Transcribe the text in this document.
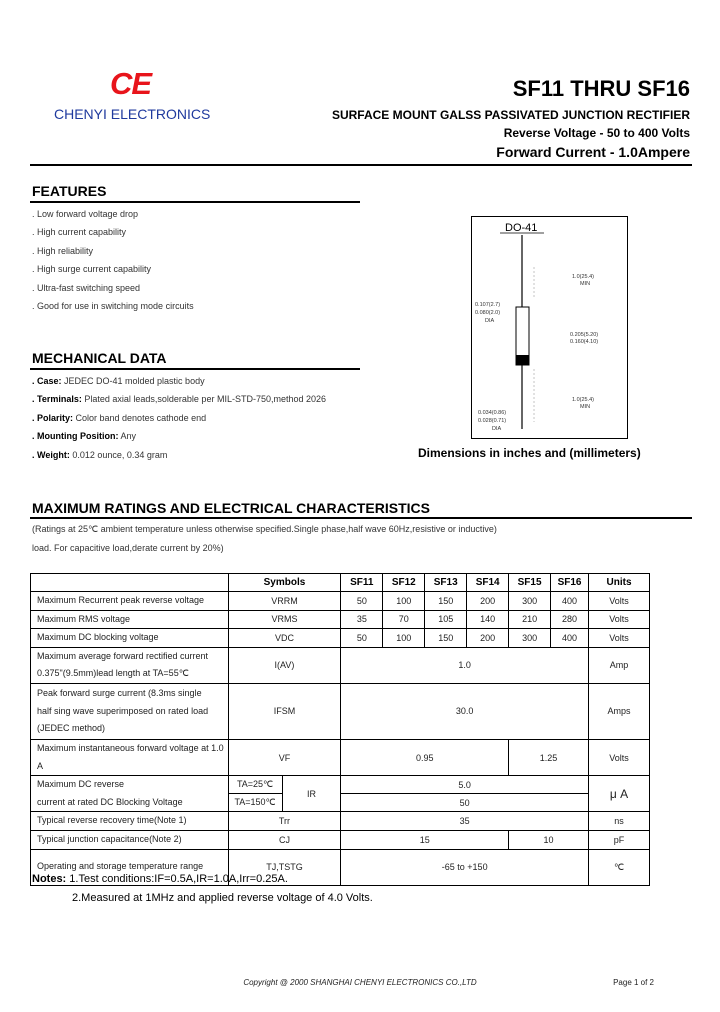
CE
CHENYI ELECTRONICS
SF11 THRU SF16
SURFACE MOUNT GALSS PASSIVATED JUNCTION RECTIFIER
Reverse Voltage - 50 to 400 Volts
Forward Current - 1.0Ampere
FEATURES
. Low forward voltage drop
. High current capability
. High reliability
. High surge current capability
. Ultra-fast switching speed
. Good for use in switching mode circuits
MECHANICAL DATA
. Case: JEDEC DO-41 molded plastic body
. Terminals: Plated axial leads,solderable per MIL-STD-750,method 2026
. Polarity: Color band denotes cathode end
. Mounting Position: Any
. Weight: 0.012 ounce, 0.34 gram
DO-41
1.0(25.4)
MIN
0.107(2.7)
0.080(2.0)
DIA
0.205(5.20)
0.160(4.10)
1.0(25.4)
MIN
0.034(0.86)
0.028(0.71)
DIA
Dimensions in inches and (millimeters)
MAXIMUM RATINGS AND ELECTRICAL CHARACTERISTICS
(Ratings at 25℃ ambient temperature unless otherwise specified.Single phase,half wave 60Hz,resistive or inductive)
load. For capacitive load,derate current by 20%)
	Symbols		SF11	SF12	SF13	SF14	SF15	SF16	Units
Maximum Recurrent peak reverse voltage	VRRM		50	100	150	200	300	400	Volts
Maximum RMS voltage	VRMS		35	70	105	140	210	280	Volts
Maximum DC blocking voltage	VDC		50	100	150	200	300	400	Volts

Maximum average forward rectified current
0.375"(9.5mm)lead length at TA=55℃	I(AV)		1.0						Amp

Peak forward surge current (8.3ms single
half sing wave superimposed on rated load
(JEDEC method)	IFSM		30.0						Amps
Maximum instantaneous forward voltage at 1.0 A	VF		0.95				1.25		Volts

Maximum DC reverse
current at rated DC Blocking Voltage	TA=25℃	IR	5.0						μ A
	TA=150℃		50						
Typical reverse recovery time(Note 1)	Trr		35						ns
Typical junction capacitance(Note 2)	CJ		15				10		pF
Operating and storage temperature range	TJ,TSTG		-65 to +150						℃
Notes: 1.Test conditions:IF=0.5A,IR=1.0A,Irr=0.25A.
2.Measured at 1MHz and applied reverse voltage of 4.0 Volts.
Copyright @ 2000 SHANGHAI CHENYI ELECTRONICS CO.,LTD	Page 1 of 2
